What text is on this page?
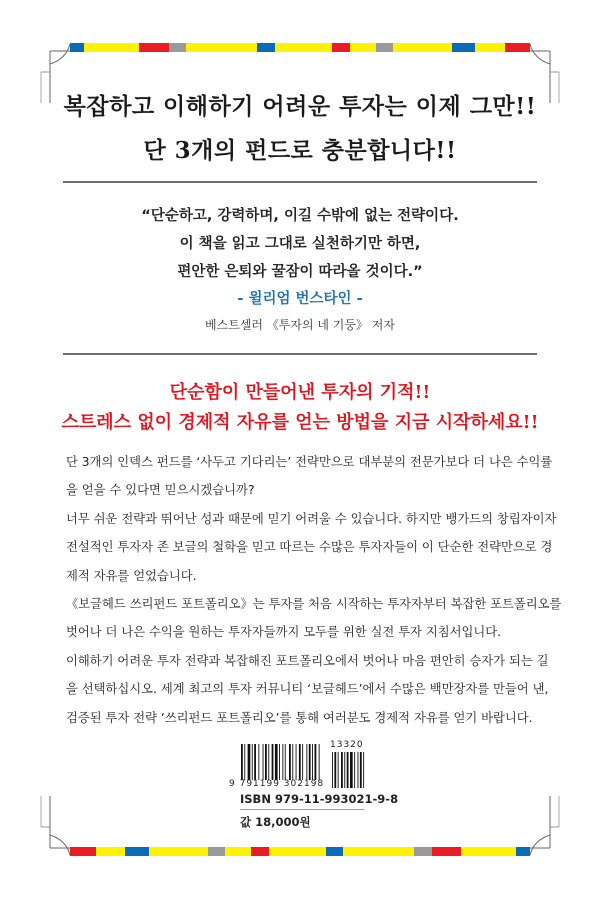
복잡하고 이해하기 어려운 투자는 이제 그만!!
단 3개의 펀드로 충분합니다!!
“단순하고, 강력하며, 이길 수밖에 없는 전략이다.
이 책을 읽고 그대로 실천하기만 하면,
편안한 은퇴와 꿀잠이 따라올 것이다.”
- 윌리엄 번스타인 -
베스트셀러 《투자의 네 기둥》 저자
단순함이 만들어낸 투자의 기적!!
스트레스 없이 경제적 자유를 얻는 방법을 지금 시작하세요!!

단 3개의 인덱스 펀드를 ‘사두고 기다리는’ 전략만으로 대부분의 전문가보다 더 나은 수익률

을 얻을 수 있다면 믿으시겠습니까?

너무 쉬운 전략과 뛰어난 성과 때문에 믿기 어려울 수 있습니다. 하지만 뱅가드의 창립자이자

전설적인 투자자 존 보글의 철학을 믿고 따르는 수많은 투자자들이 이 단순한 전략만으로 경

제적 자유를 얻었습니다.

《보글헤드 쓰리펀드 포트폴리오》는 투자를 처음 시작하는 투자자부터 복잡한 포트폴리오를

벗어나 더 나은 수익을 원하는 투자자들까지 모두를 위한 실전 투자 지침서입니다.

이해하기 어려운 투자 전략과 복잡해진 포트폴리오에서 벗어나 마음 편안히 승자가 되는 길

을 선택하십시오. 세계 최고의 투자 커뮤니티 ‘보글헤드’에서 수많은 백만장자를 만들어 낸,

검증된 투자 전략 ‘쓰리펀드 포트폴리오’를 통해 여러분도 경제적 자유를 얻기 바랍니다.

9 791199 302198
13320
ISBN 979-11-993021-9-8
값 18,000원
